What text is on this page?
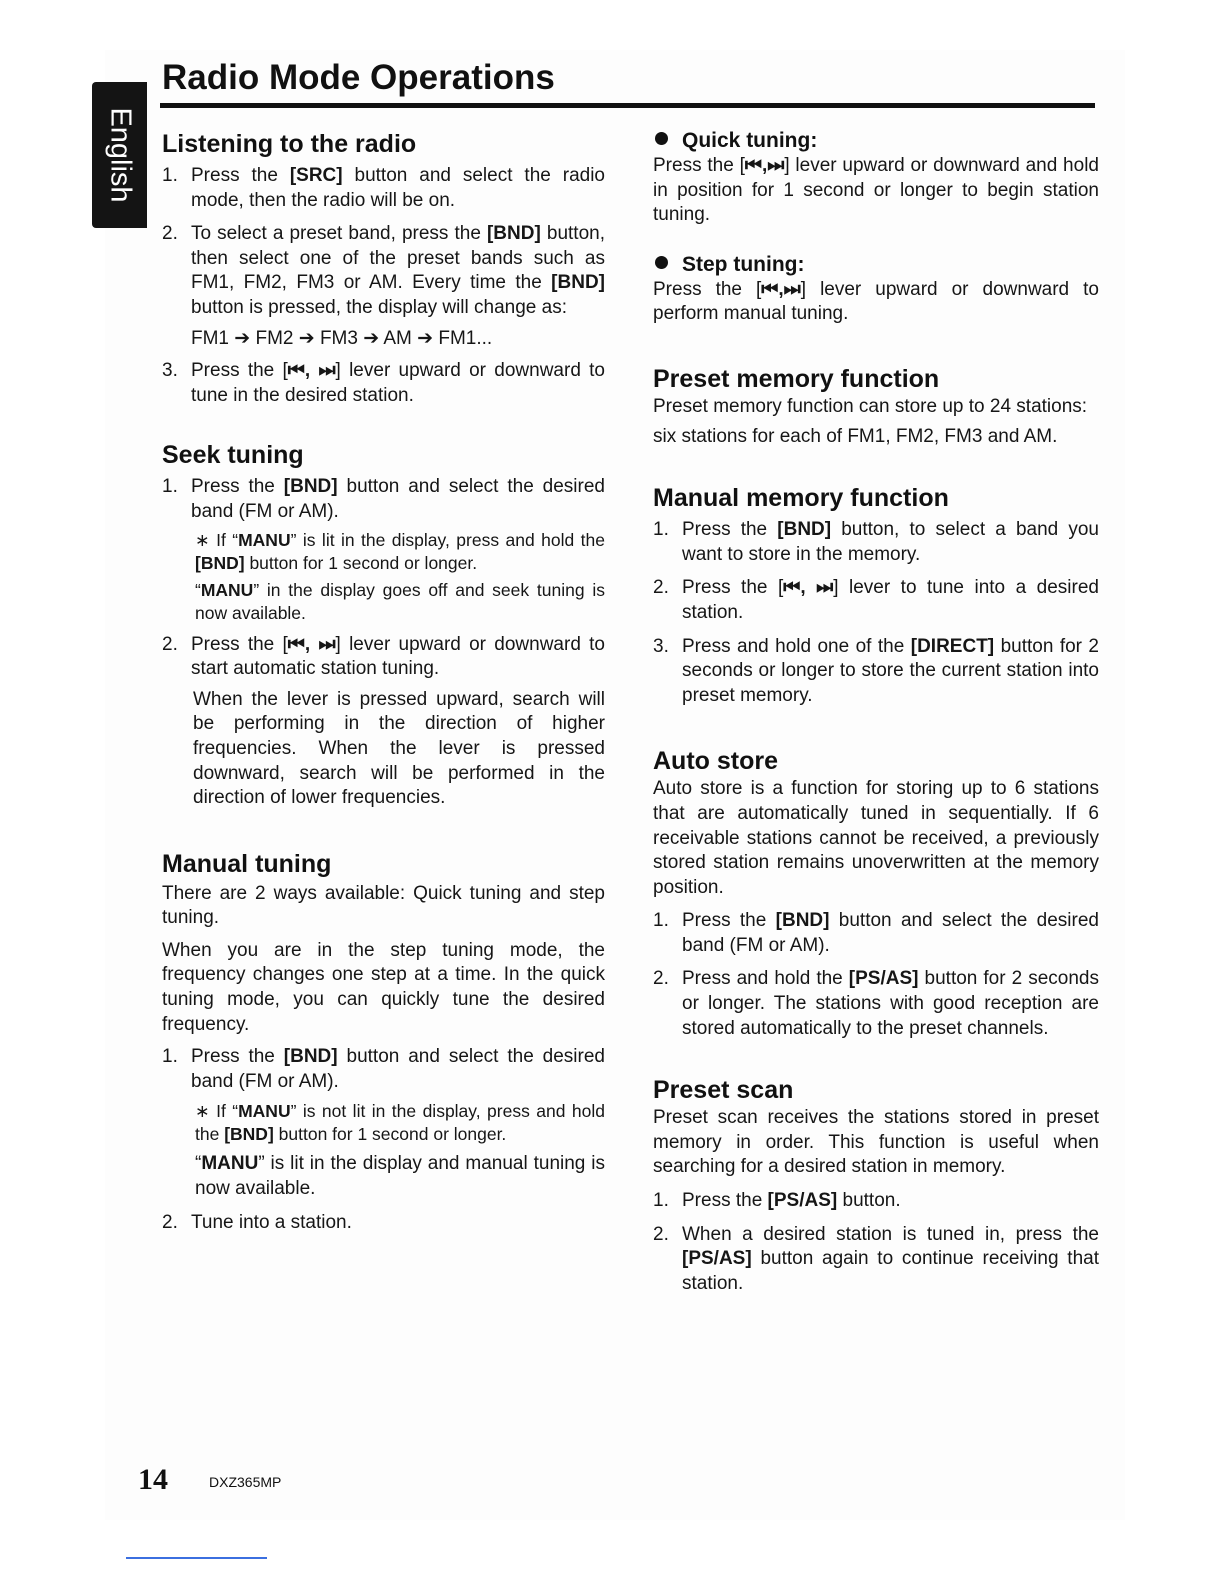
English
Radio Mode Operations
Listening to the radio
1. Press the [SRC] button and select the radio mode, then the radio will be on.
2. To select a preset band, press the [BND] button, then select one of the preset bands such as FM1, FM2, FM3 or AM. Every time the [BND] button is pressed, the display will change as:
FM1 ➔ FM2 ➔ FM3 ➔ AM ➔ FM1...
3. Press the [⏮, ⏭] lever upward or downward to tune in the desired station.
Seek tuning
1. Press the [BND] button and select the desired band (FM or AM).
∗ If “MANU” is lit in the display, press and hold the [BND] button for 1 second or longer.
“MANU” in the display goes off and seek tuning is now available.
2. Press the [⏮, ⏭] lever upward or downward to start automatic station tuning.
When the lever is pressed upward, search will be performing in the direction of higher frequencies. When the lever is pressed downward, search will be performed in the direction of lower frequencies.
Manual tuning
There are 2 ways available: Quick tuning and step tuning.
When you are in the step tuning mode, the frequency changes one step at a time. In the quick tuning mode, you can quickly tune the desired frequency.
1. Press the [BND] button and select the desired band (FM or AM).
∗ If “MANU” is not lit in the display, press and hold the [BND] button for 1 second or longer.
“MANU” is lit in the display and manual tuning is now available.
2. Tune into a station.
Quick tuning:
Press the [⏮,⏭] lever upward or downward and hold in position for 1 second or longer to begin station tuning.
Step tuning:
Press the [⏮,⏭] lever upward or downward to perform manual tuning.
Preset memory function
Preset memory function can store up to 24 stations:
six stations for each of FM1, FM2, FM3 and AM.
Manual memory function
1. Press the [BND] button, to select a band you want to store in the memory.
2. Press the [⏮, ⏭] lever to tune into a desired station.
3. Press and hold one of the [DIRECT] button for 2 seconds or longer to store the current station into preset memory.
Auto store
Auto store is a function for storing up to 6 stations that are automatically tuned in sequentially. If 6 receivable stations cannot be received, a previously stored station remains unoverwritten at the memory position.
1. Press the [BND] button and select the desired band (FM or AM).
2. Press and hold the [PS/AS] button for 2 seconds or longer. The stations with good reception are stored automatically to the preset channels.
Preset scan
Preset scan receives the stations stored in preset memory in order. This function is useful when searching for a desired station in memory.
1. Press the [PS/AS] button.
2. When a desired station is tuned in, press the [PS/AS] button again to continue receiving that station.
14	DXZ365MP
